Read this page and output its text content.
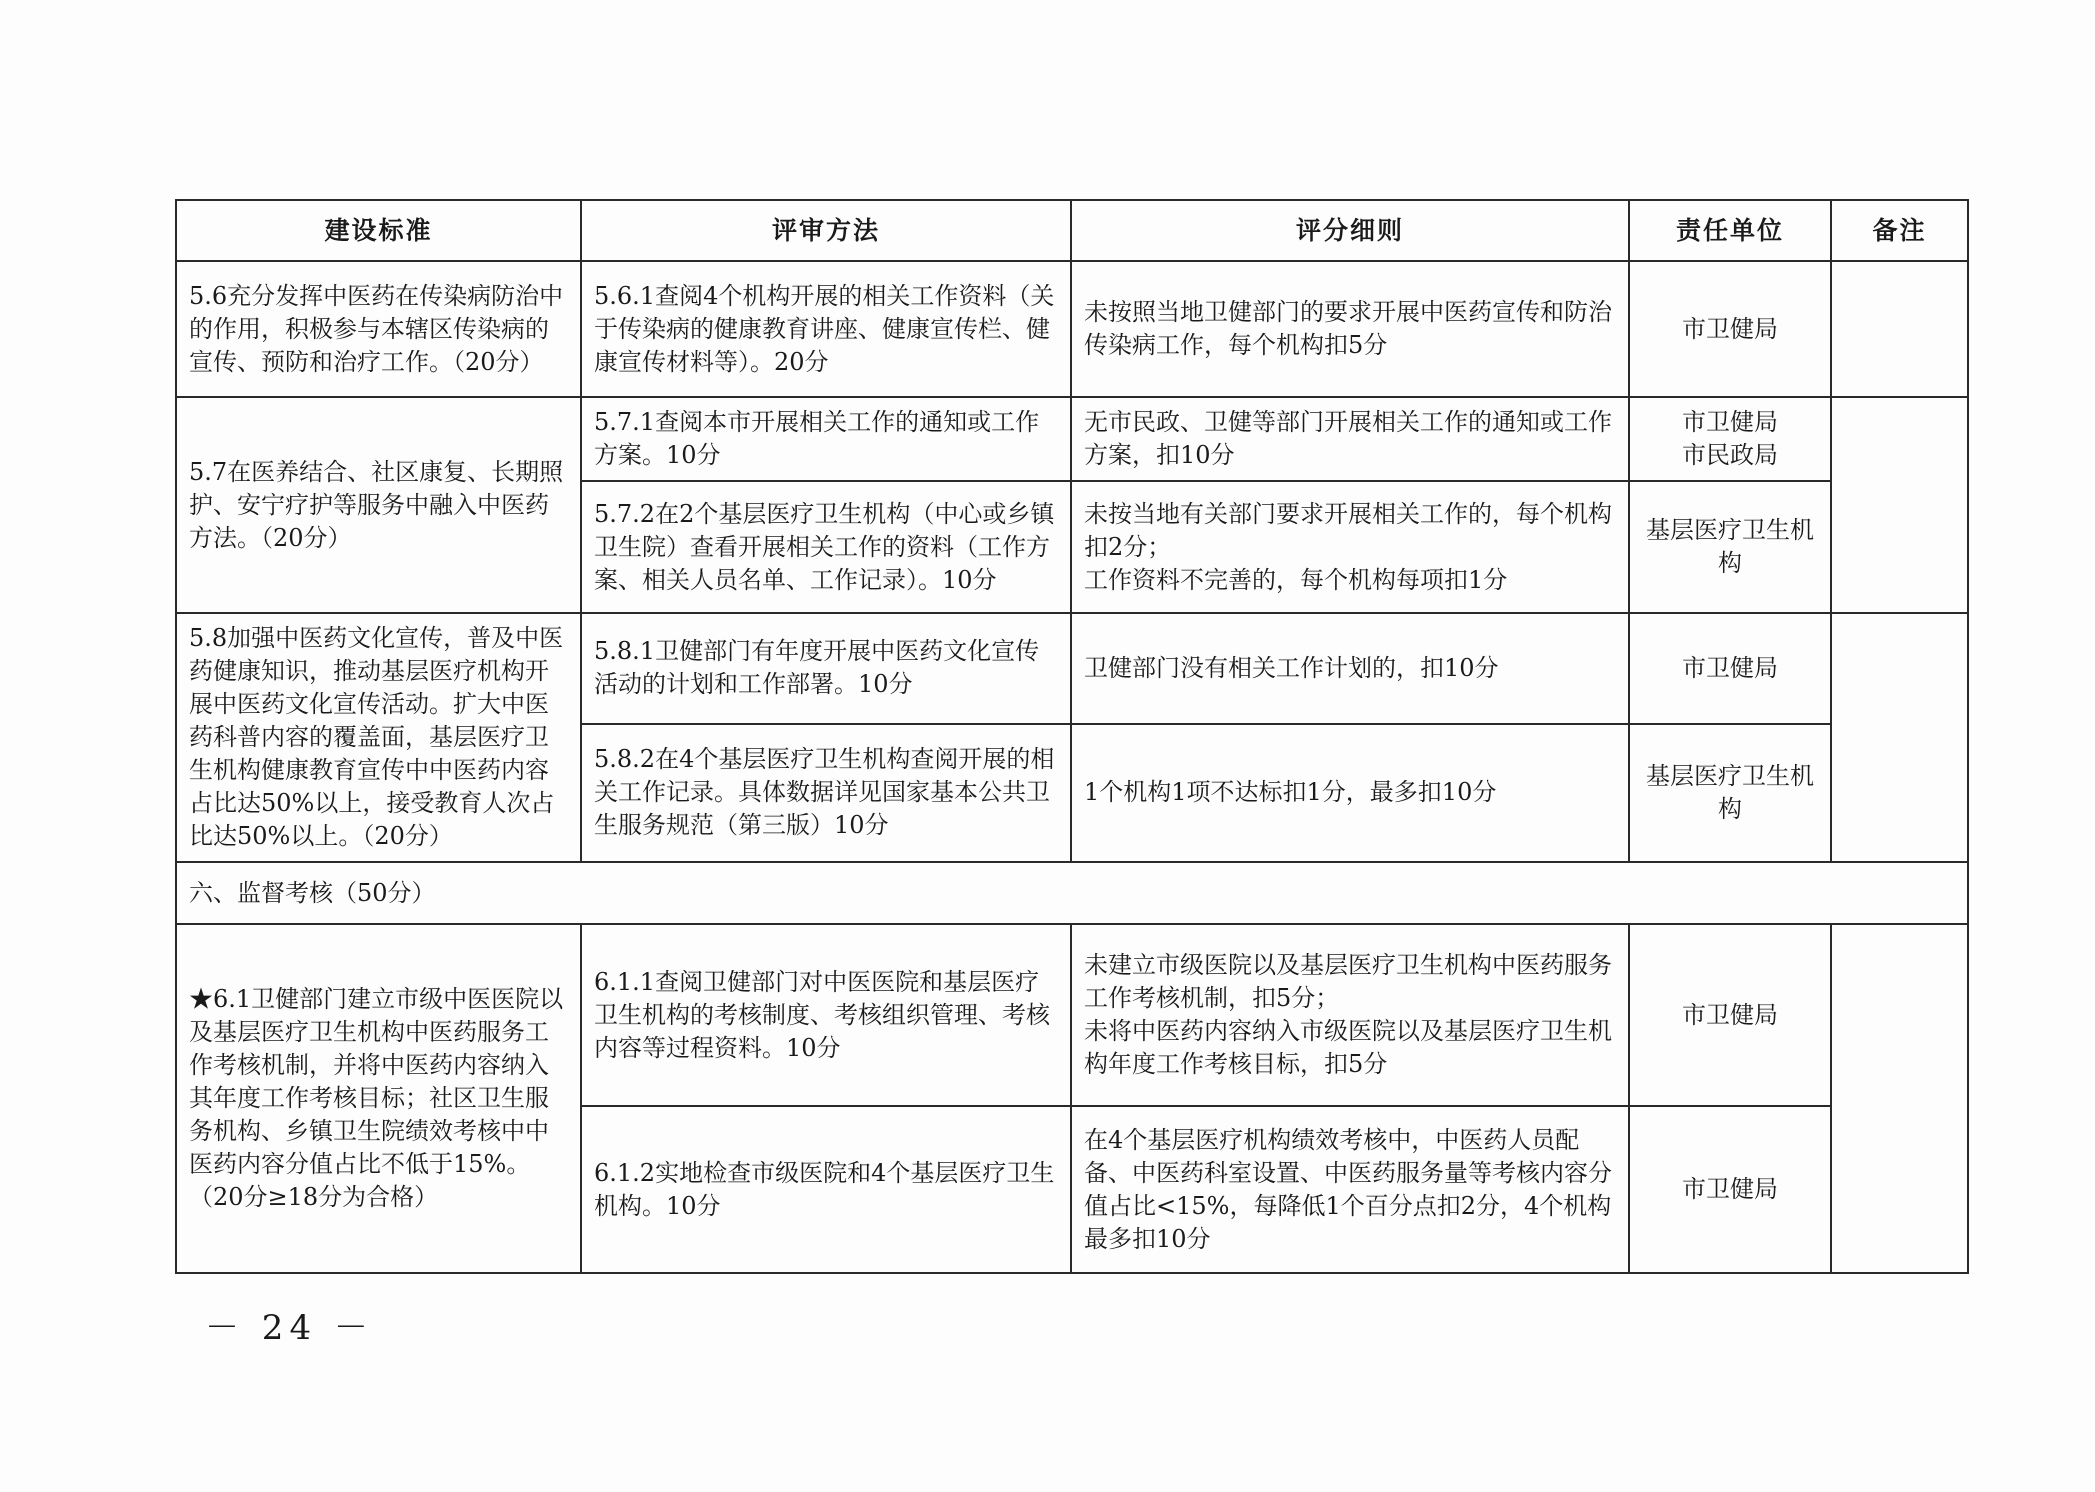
建设标准	评审方法	评分细则	责任单位	备注
5.6充分发挥中医药在传染病防治中的作用，积极参与本辖区传染病的宣传、预防和治疗工作。（20分）	5.6.1查阅4个机构开展的相关工作资料（关于传染病的健康教育讲座、健康宣传栏、健康宣传材料等）。20分	未按照当地卫健部门的要求开展中医药宣传和防治传染病工作，每个机构扣5分	市卫健局	
5.7在医养结合、社区康复、长期照护、安宁疗护等服务中融入中医药方法。（20分）	5.7.1查阅本市开展相关工作的通知或工作方案。10分	无市民政、卫健等部门开展相关工作的通知或工作方案，扣10分	市卫健局
市民政局	
	5.7.2在2个基层医疗卫生机构（中心或乡镇卫生院）查看开展相关工作的资料（工作方案、相关人员名单、工作记录）。10分	未按当地有关部门要求开展相关工作的，每个机构扣2分；
工作资料不完善的，每个机构每项扣1分	基层医疗卫生机构	
5.8加强中医药文化宣传，普及中医药健康知识，推动基层医疗机构开展中医药文化宣传活动。扩大中医药科普内容的覆盖面，基层医疗卫生机构健康教育宣传中中医药内容占比达50%以上，接受教育人次占比达50%以上。（20分）	5.8.1卫健部门有年度开展中医药文化宣传活动的计划和工作部署。10分	卫健部门没有相关工作计划的，扣10分	市卫健局	
	5.8.2在4个基层医疗卫生机构查阅开展的相关工作记录。具体数据详见国家基本公共卫生服务规范（第三版）10分	1个机构1项不达标扣1分，最多扣10分	基层医疗卫生机构	
六、监督考核（50分）				
★6.1卫健部门建立市级中医医院以及基层医疗卫生机构中医药服务工作考核机制，并将中医药内容纳入其年度工作考核目标；社区卫生服务机构、乡镇卫生院绩效考核中中医药内容分值占比不低于15%。（20分≥18分为合格）	6.1.1查阅卫健部门对中医医院和基层医疗卫生机构的考核制度、考核组织管理、考核内容等过程资料。10分	未建立市级医院以及基层医疗卫生机构中医药服务工作考核机制，扣5分；
未将中医药内容纳入市级医院以及基层医疗卫生机构年度工作考核目标，扣5分	市卫健局	
	6.1.2实地检查市级医院和4个基层医疗卫生机构。10分	在4个基层医疗机构绩效考核中，中医药人员配备、中医药科室设置、中医药服务量等考核内容分值占比<15%，每降低1个百分点扣2分，4个机构最多扣10分	市卫健局	
－ 24 －
